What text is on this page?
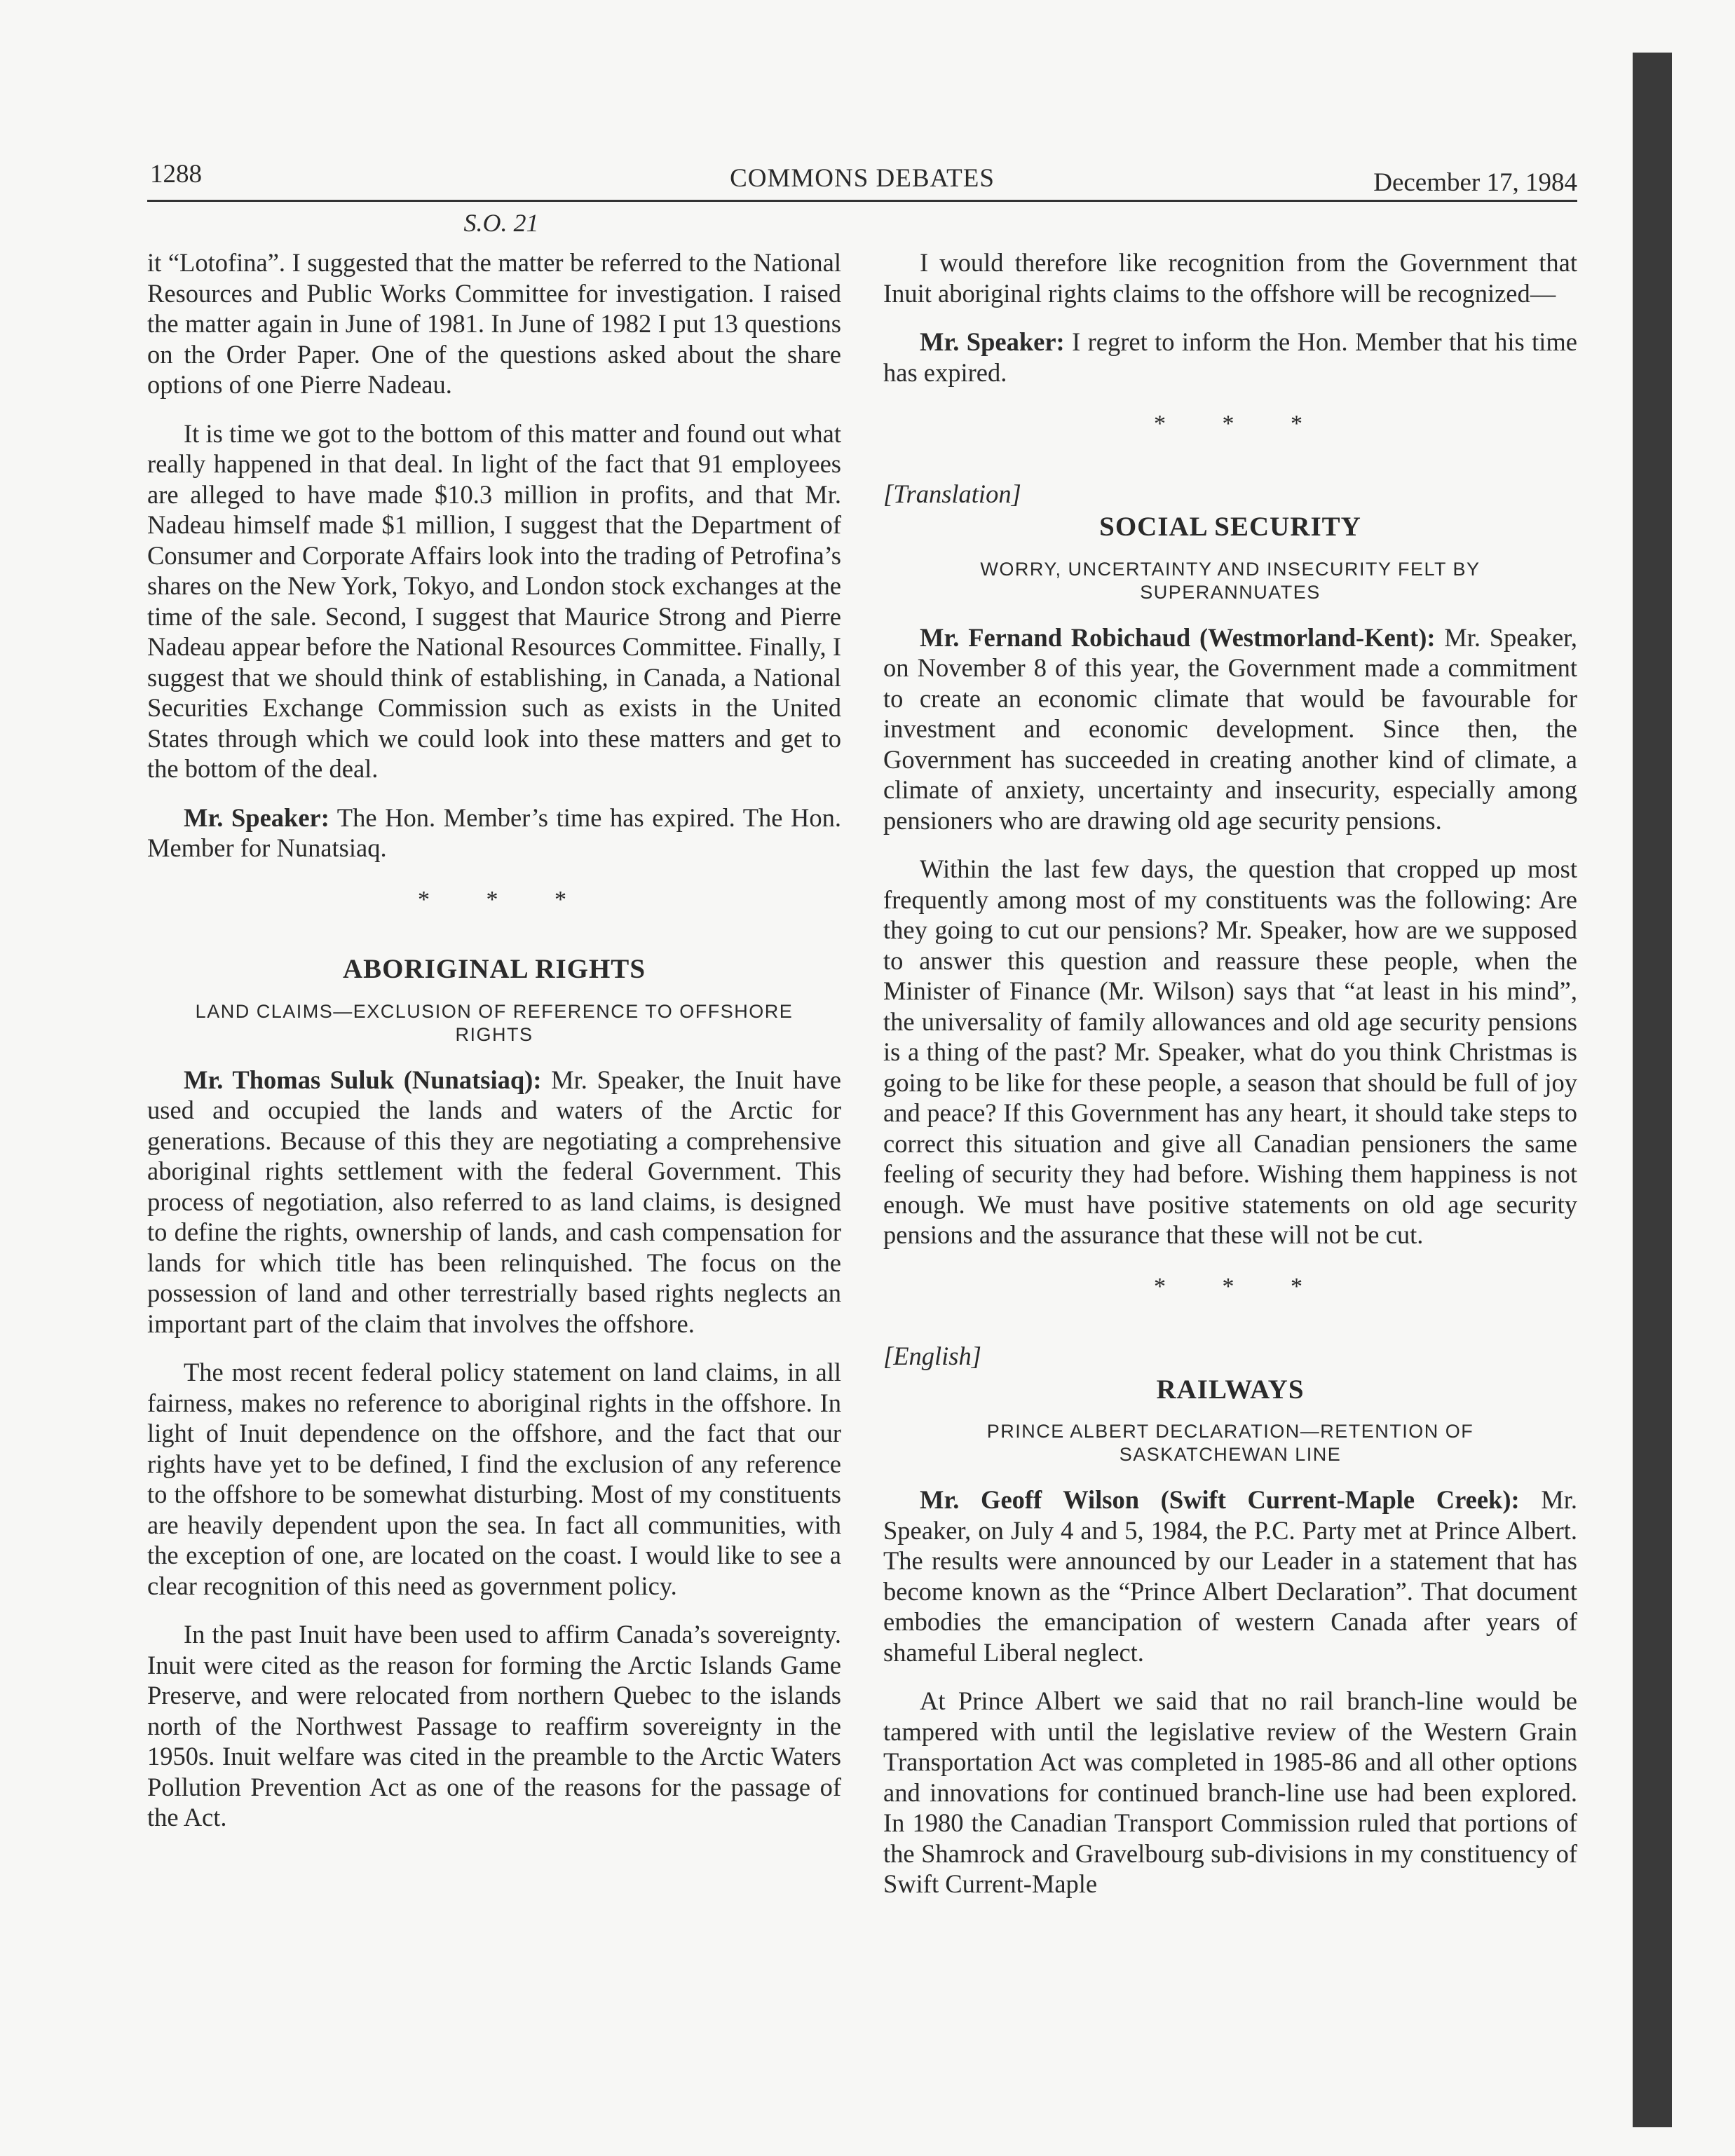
1288	COMMONS DEBATES	December 17, 1984
S.O. 21

it “Lotofina”. I suggested that the matter be referred to the National Resources and Public Works Committee for investigation. I raised the matter again in June of 1981. In June of 1982 I put 13 questions on the Order Paper. One of the questions asked about the share options of one Pierre Nadeau.

It is time we got to the bottom of this matter and found out what really happened in that deal. In light of the fact that 91 employees are alleged to have made $10.3 million in profits, and that Mr. Nadeau himself made $1 million, I suggest that the Department of Consumer and Corporate Affairs look into the trading of Petrofina’s shares on the New York, Tokyo, and London stock exchanges at the time of the sale. Second, I suggest that Maurice Strong and Pierre Nadeau appear before the National Resources Committee. Finally, I suggest that we should think of establishing, in Canada, a National Securities Exchange Commission such as exists in the United States through which we could look into these matters and get to the bottom of the deal.

Mr. Speaker: The Hon. Member’s time has expired. The Hon. Member for Nunatsiaq.

* * *
ABORIGINAL RIGHTS
LAND CLAIMS—EXCLUSION OF REFERENCE TO OFFSHORE RIGHTS

Mr. Thomas Suluk (Nunatsiaq): Mr. Speaker, the Inuit have used and occupied the lands and waters of the Arctic for generations. Because of this they are negotiating a comprehensive aboriginal rights settlement with the federal Government. This process of negotiation, also referred to as land claims, is designed to define the rights, ownership of lands, and cash compensation for lands for which title has been relinquished. The focus on the possession of land and other terrestrially based rights neglects an important part of the claim that involves the offshore.

The most recent federal policy statement on land claims, in all fairness, makes no reference to aboriginal rights in the offshore. In light of Inuit dependence on the offshore, and the fact that our rights have yet to be defined, I find the exclusion of any reference to the offshore to be somewhat disturbing. Most of my constituents are heavily dependent upon the sea. In fact all communities, with the exception of one, are located on the coast. I would like to see a clear recognition of this need as government policy.

In the past Inuit have been used to affirm Canada’s sovereignty. Inuit were cited as the reason for forming the Arctic Islands Game Preserve, and were relocated from northern Quebec to the islands north of the Northwest Passage to reaffirm sovereignty in the 1950s. Inuit welfare was cited in the preamble to the Arctic Waters Pollution Prevention Act as one of the reasons for the passage of the Act.

I would therefore like recognition from the Government that Inuit aboriginal rights claims to the offshore will be recognized—

Mr. Speaker: I regret to inform the Hon. Member that his time has expired.

* * *
[Translation]
SOCIAL SECURITY
WORRY, UNCERTAINTY AND INSECURITY FELT BY SUPERANNUATES

Mr. Fernand Robichaud (Westmorland-Kent): Mr. Speaker, on November 8 of this year, the Government made a commitment to create an economic climate that would be favourable for investment and economic development. Since then, the Government has succeeded in creating another kind of climate, a climate of anxiety, uncertainty and insecurity, especially among pensioners who are drawing old age security pensions.

Within the last few days, the question that cropped up most frequently among most of my constituents was the following: Are they going to cut our pensions? Mr. Speaker, how are we supposed to answer this question and reassure these people, when the Minister of Finance (Mr. Wilson) says that “at least in his mind”, the universality of family allowances and old age security pensions is a thing of the past? Mr. Speaker, what do you think Christmas is going to be like for these people, a season that should be full of joy and peace? If this Government has any heart, it should take steps to correct this situation and give all Canadian pensioners the same feeling of security they had before. Wishing them happiness is not enough. We must have positive statements on old age security pensions and the assurance that these will not be cut.

* * *
[English]
RAILWAYS
PRINCE ALBERT DECLARATION—RETENTION OF SASKATCHEWAN LINE

Mr. Geoff Wilson (Swift Current-Maple Creek): Mr. Speaker, on July 4 and 5, 1984, the P.C. Party met at Prince Albert. The results were announced by our Leader in a statement that has become known as the “Prince Albert Declaration”. That document embodies the emancipation of western Canada after years of shameful Liberal neglect.

At Prince Albert we said that no rail branch-line would be tampered with until the legislative review of the Western Grain Transportation Act was completed in 1985-86 and all other options and innovations for continued branch-line use had been explored. In 1980 the Canadian Transport Commission ruled that portions of the Shamrock and Gravelbourg sub-divisions in my constituency of Swift Current-Maple
